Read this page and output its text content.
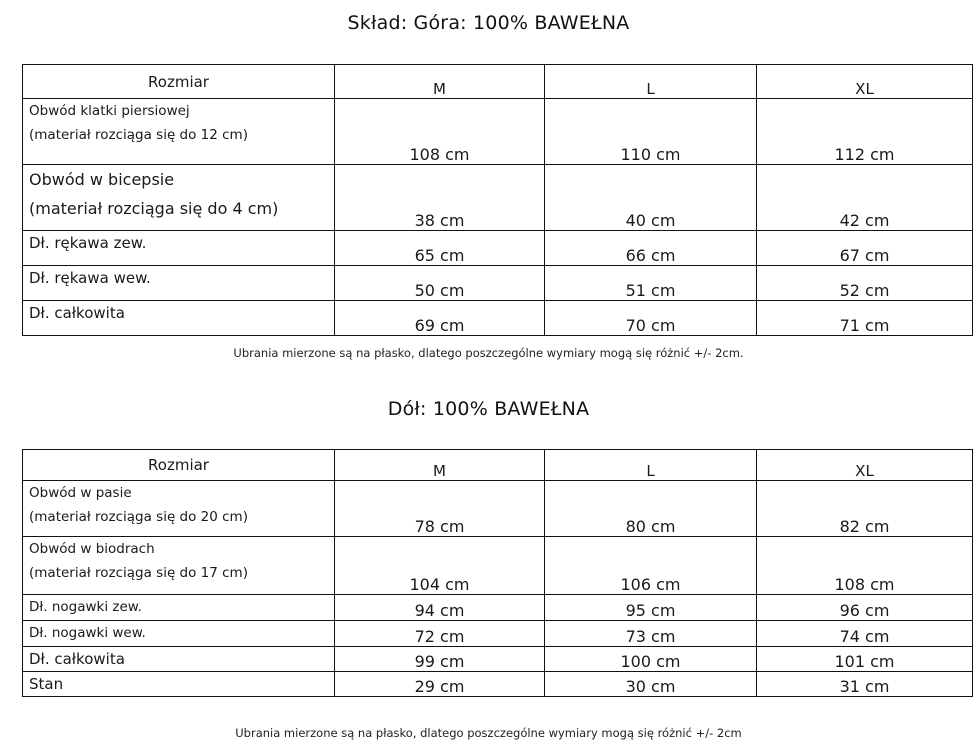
Skład: Góra: 100% BAWEŁNA
Rozmiar	M	L	XL

Obwód klatki piersiowej
(materiał rozciąga się do 12 cm)	108 cm	110 cm	112 cm

Obwód w bicepsie
(materiał rozciąga się do 4 cm)	38 cm	40 cm	42 cm

Dł. rękawa zew.	65 cm	66 cm	67 cm

Dł. rękawa wew.	50 cm	51 cm	52 cm

Dł. całkowita	69 cm	70 cm	71 cm
Ubrania mierzone są na płasko, dlatego poszczególne wymiary mogą się różnić +/- 2cm.
Dół: 100% BAWEŁNA
Rozmiar	M	L	XL

Obwód w pasie
(materiał rozciąga się do 20 cm)	78 cm	80 cm	82 cm

Obwód w biodrach
(materiał rozciąga się do 17 cm)	104 cm	106 cm	108 cm

Dł. nogawki zew.	94 cm	95 cm	96 cm

Dł. nogawki wew.	72 cm	73 cm	74 cm

Dł. całkowita	99 cm	100 cm	101 cm

Stan	29 cm	30 cm	31 cm
Ubrania mierzone są na płasko, dlatego poszczególne wymiary mogą się różnić +/- 2cm
